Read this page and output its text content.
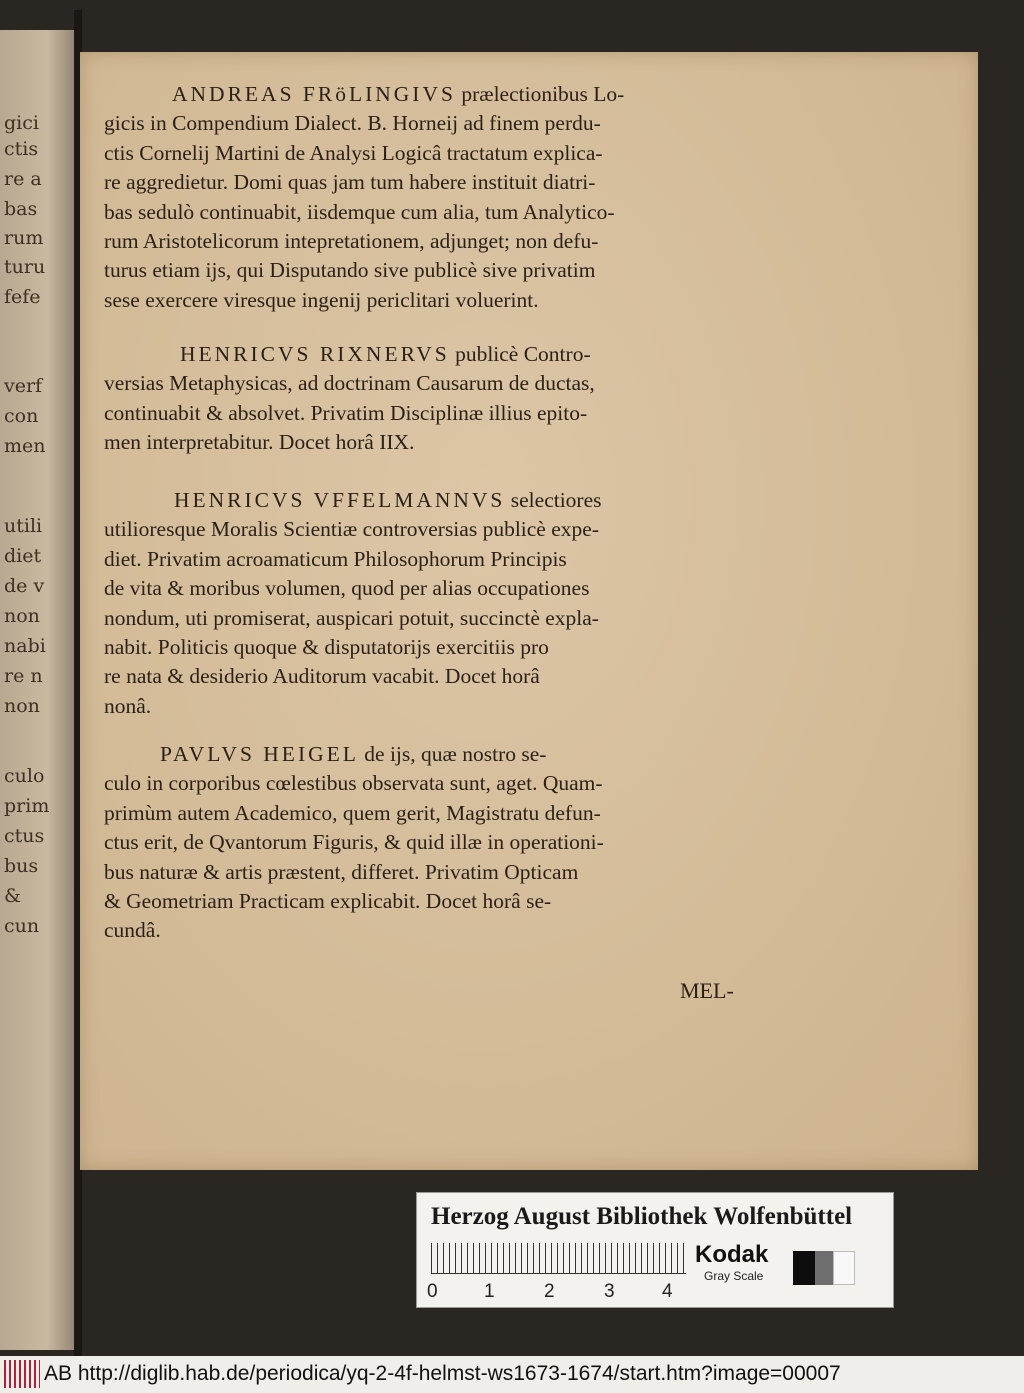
gici
ctis
re a
bas
rum
turu
fefe
verf
con
men
utili
diet
de v
non
nabi
re n
non
culo
prim
ctus
bus
&
cun
ANDREAS FRöLINGIVS prælectionibus Lo-
gicis in Compendium Dialect. B. Horneij ad finem perdu-
ctis Cornelij Martini de Analysi Logicâ tractatum explica-
re aggredietur. Domi quas jam tum habere instituit diatri-
bas sedulò continuabit, iisdemque cum alia, tum Analytico-
rum Aristotelicorum intepretationem, adjunget; non defu-
turus etiam ijs, qui Disputando sive publicè sive privatim
sese exercere viresque ingenij periclitari voluerint.
HENRICVS RIXNERVS publicè Contro-
versias Metaphysicas, ad doctrinam Causarum de ductas,
continuabit & absolvet. Privatim Disciplinæ illius epito-
men interpretabitur. Docet horâ IIX.
HENRICVS VFFELMANNVS selectiores
utilioresque Moralis Scientiæ controversias publicè expe-
diet. Privatim acroamaticum Philosophorum Principis
de vita & moribus volumen, quod per alias occupationes
nondum, uti promiserat, auspicari potuit, succinctè expla-
nabit. Politicis quoque & disputatorijs exercitiis pro
re nata & desiderio Auditorum vacabit. Docet horâ
nonâ.
PAVLVS HEIGEL de ijs, quæ nostro se-
culo in corporibus cœlestibus observata sunt, aget. Quam-
primùm autem Academico, quem gerit, Magistratu defun-
ctus erit, de Qvantorum Figuris, & quid illæ in operationi-
bus naturæ & artis præstent, differet. Privatim Opticam
& Geometriam Practicam explicabit. Docet horâ se-
cundâ.
MEL-
Herzog August Bibliothek Wolfenbüttel
0 1	2	3 4
Kodak
Gray Scale
AB http://diglib.hab.de/periodica/yq-2-4f-helmst-ws1673-1674/start.htm?image=00007
